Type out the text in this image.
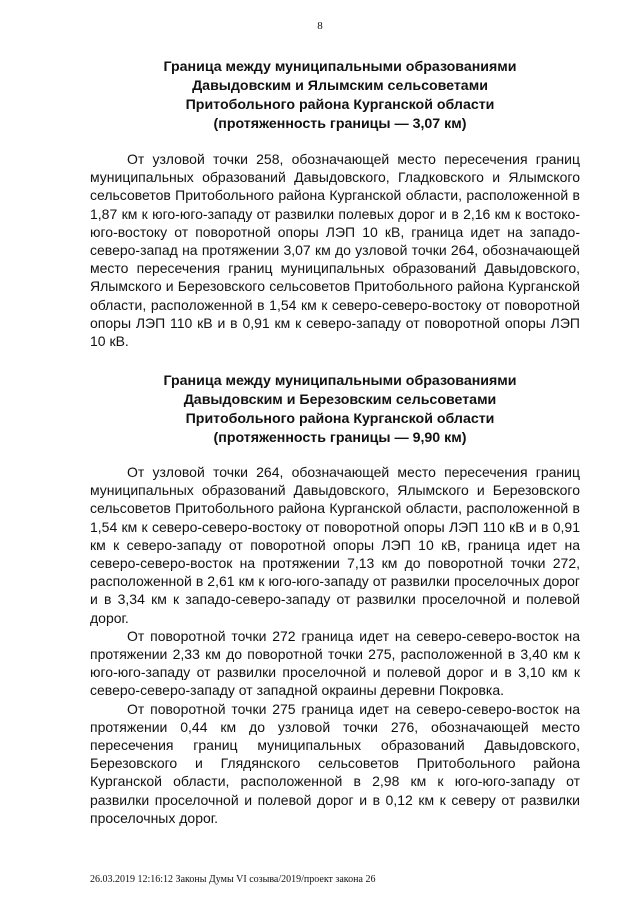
8
Граница между муниципальными образованиями
Давыдовским и Ялымским сельсоветами
Притобольного района Курганской области
(протяженность границы — 3,07 км)

От узловой точки 258, обозначающей место пересечения границ муниципальных образований Давыдовского, Гладковского и Ялымского сельсоветов Притобольного района Курганской области, расположенной в 1,87 км к юго-юго-западу от развилки полевых дорог и в 2,16 км к востоко-юго-востоку от поворотной опоры ЛЭП 10 кВ, граница идет на западо-северо-запад на протяжении 3,07 км до узловой точки 264, обозначающей место пересечения границ муниципальных образований Давыдовского, Ялымского и Березовского сельсоветов Притобольного района Курганской области, расположенной в 1,54 км к северо-северо-востоку от поворотной опоры ЛЭП 110 кВ и в 0,91 км к северо-западу от поворотной опоры ЛЭП 10 кВ.

Граница между муниципальными образованиями
Давыдовским и Березовским сельсоветами
Притобольного района Курганской области
(протяженность границы — 9,90 км)

От узловой точки 264, обозначающей место пересечения границ муниципальных образований Давыдовского, Ялымского и Березовского сельсоветов Притобольного района Курганской области, расположенной в 1,54 км к северо-северо-востоку от поворотной опоры ЛЭП 110 кВ и в 0,91 км к северо-западу от поворотной опоры ЛЭП 10 кВ, граница идет на северо-северо-восток на протяжении 7,13 км до поворотной точки 272, расположенной в 2,61 км к юго-юго-западу от развилки проселочных дорог и в 3,34 км к западо-северо-западу от развилки проселочной и полевой дорог.

От поворотной точки 272 граница идет на северо-северо-восток на протяжении 2,33 км до поворотной точки 275, расположенной в 3,40 км к юго-юго-западу от развилки проселочной и полевой дорог и в 3,10 км к северо-северо-западу от западной окраины деревни Покровка.

От поворотной точки 275 граница идет на северо-северо-восток на протяжении 0,44 км до узловой точки 276, обозначающей место пересечения границ муниципальных образований Давыдовского, Березовского и Глядянского сельсоветов Притобольного района Курганской области, расположенной в 2,98 км к юго-юго-западу от развилки проселочной и полевой дорог и в 0,12 км к северу от развилки проселочных дорог.

26.03.2019 12:16:12 Законы Думы VI созыва/2019/проект закона 26
